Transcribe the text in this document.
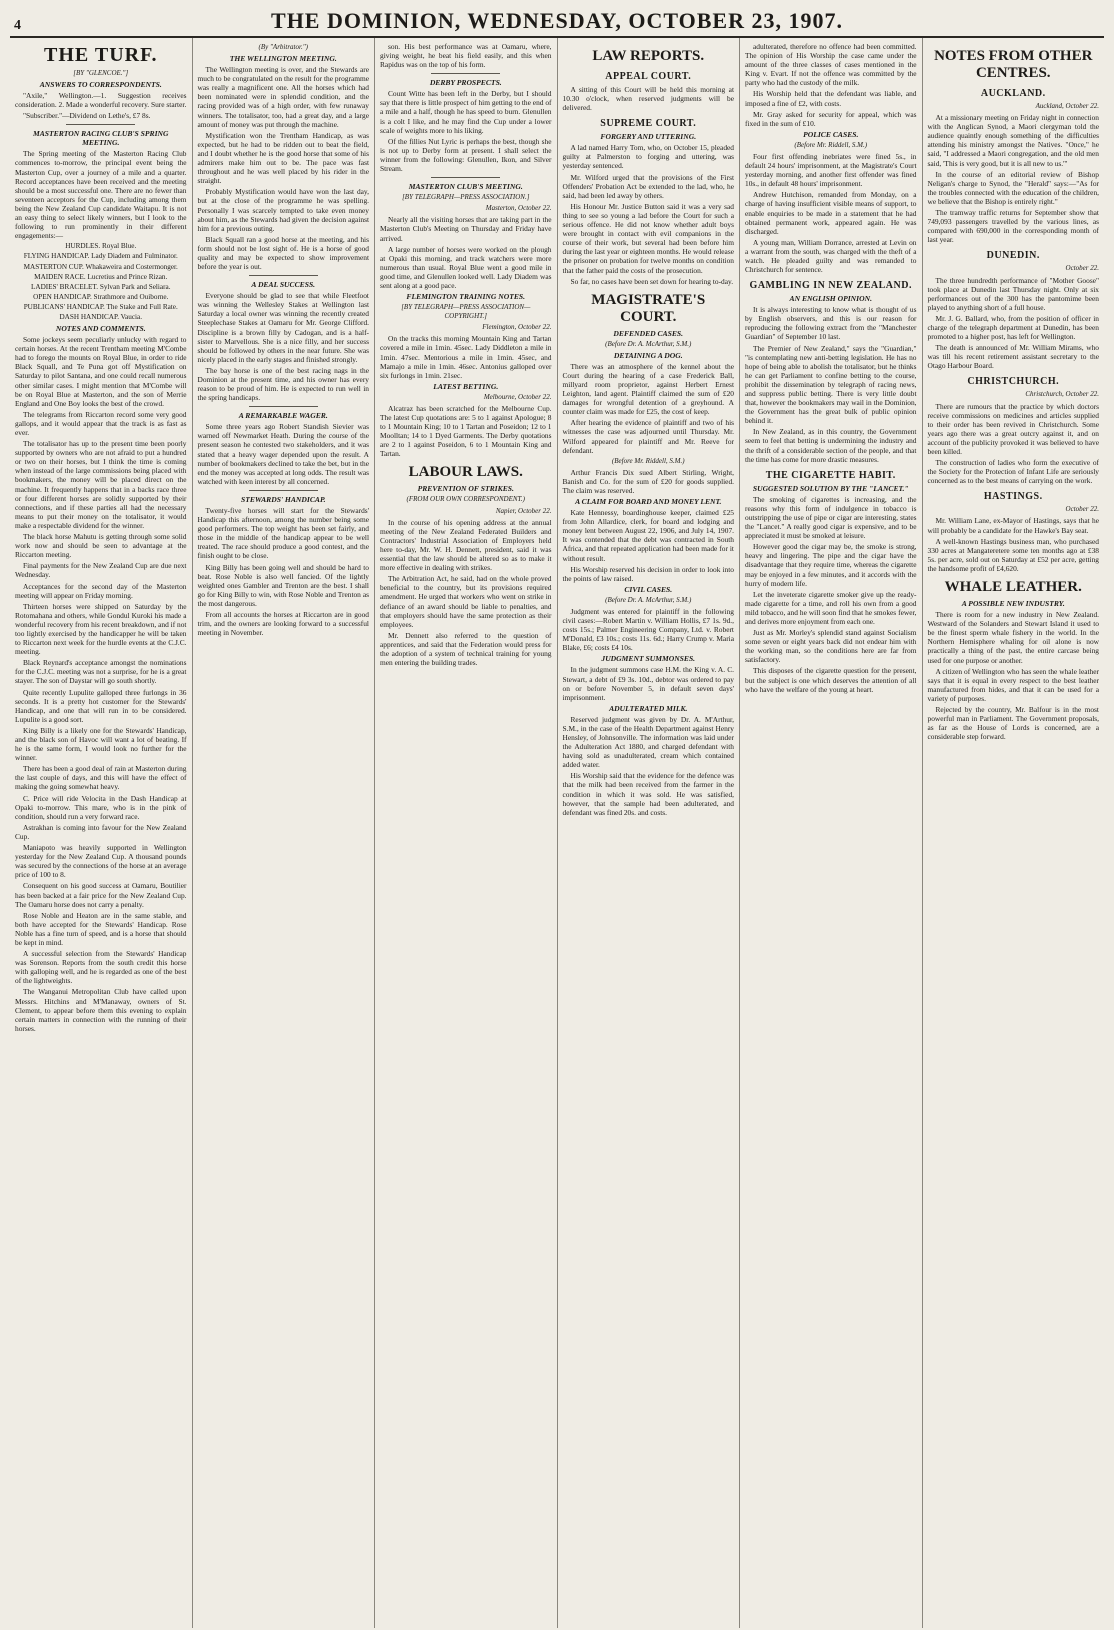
4	THE DOMINION, WEDNESDAY, OCTOBER 23, 1907.
THE TURF.
[BY "GLENCOE."]
ANSWERS TO CORRESPONDENTS.

"Axile," Wellington.—1. Suggestion receives consideration. 2. Made a wonderful recovery. Sure starter.

"Subscriber."—Dividend on Lethe's, £7 8s.

MASTERTON RACING CLUB'S SPRING MEETING.

The Spring meeting of the Masterton Racing Club commences to-morrow, the principal event being the Masterton Cup, over a journey of a mile and a quarter. Record acceptances have been received and the meeting should be a most successful one. There are no fewer than seventeen acceptors for the Cup, including among them being the New Zealand Cup candidate Waitapu. It is not an easy thing to select likely winners, but I look to the following to run prominently in their different engagements:—

HURDLES. Royal Blue.
FLYING HANDICAP. Lady Diadem and Fulminator.
MASTERTON CUP. Whakaweira and Costermonger.
MAIDEN RACE. Lucretius and Prince Rizan.
LADIES' BRACELET. Sylvan Park and Seliara.
OPEN HANDICAP. Strathmore and Ouiborne.
PUBLICANS' HANDICAP. The Stake and Full Rate.
DASH HANDICAP. Vaucia.
NOTES AND COMMENTS.

Some jockeys seem peculiarly unlucky with regard to certain horses. At the recent Trentham meeting M'Combe had to forego the mounts on Royal Blue, in order to ride Black Squall, and Te Puna got off Mystification on Saturday to pilot Santana, and one could recall numerous other similar cases. I might mention that M'Combe will be on Royal Blue at Masterton, and the son of Merrie England and One Boy looks the best of the crowd.

The telegrams from Riccarton record some very good gallops, and it would appear that the track is as fast as ever.

The totalisator has up to the present time been poorly supported by owners who are not afraid to put a hundred or two on their horses, but I think the time is coming when instead of the large commissions being placed with bookmakers, the money will be placed direct on the machine. It frequently happens that in a backs race three or four different horses are solidly supported by their connections, and if these parties all had the necessary means to put their money on the totalisator, it would make a respectable dividend for the winner.

The black horse Mahutu is getting through some solid work now and should be seen to advantage at the Riccarton meeting.

Final payments for the New Zealand Cup are due next Wednesday.

Acceptances for the second day of the Masterton meeting will appear on Friday morning.

Thirteen horses were shipped on Saturday by the Rotomahana and others, while Gondul Kuroki his made a wonderful recovery from his recent breakdown, and if not too lightly exercised by the handicapper he will be taken to Riccarton next week for the hurdle events at the C.J.C. meeting.

Black Reynard's acceptance amongst the nominations for the C.J.C. meeting was not a surprise, for he is a great stayer. The son of Daystar will go south shortly.

Quite recently Lupulite galloped three furlongs in 36 seconds. It is a pretty hot customer for the Stewards' Handicap, and one that will run in to be considered. Lupulite is a good sort.

King Billy is a likely one for the Stewards' Handicap, and the black son of Havoc will want a lot of beating. If he is the same form, I would look no further for the winner.

There has been a good deal of rain at Masterton during the last couple of days, and this will have the effect of making the going somewhat heavy.

C. Price will ride Velocita in the Dash Handicap at Opaki to-morrow. This mare, who is in the pink of condition, should run a very forward race.

Astrakhan is coming into favour for the New Zealand Cup.

Maniapoto was heavily supported in Wellington yesterday for the New Zealand Cup. A thousand pounds was secured by the connections of the horse at an average price of 100 to 8.

Consequent on his good success at Oamaru, Boutilier has been backed at a fair price for the New Zealand Cup. The Oamaru horse does not carry a penalty.

Rose Noble and Heaton are in the same stable, and both have accepted for the Stewards' Handicap. Rose Noble has a fine turn of speed, and is a horse that should be kept in mind.

A successful selection from the Stewards' Handicap was Sorenson. Reports from the south credit this horse with galloping well, and he is regarded as one of the best of the lightweights.

The Wanganui Metropolitan Club have called upon Messrs. Hitchins and M'Manaway, owners of St. Clement, to appear before them this evening to explain certain matters in connection with the running of their horses.

(By "Arbitrator.")
THE WELLINGTON MEETING.

The Wellington meeting is over, and the Stewards are much to be congratulated on the result for the programme was really a magnificent one. All the horses which had been nominated were in splendid condition, and the racing provided was of a high order, with few runaway winners. The totalisator, too, had a great day, and a large amount of money was put through the machine.

Mystification won the Trentham Handicap, as was expected, but he had to be ridden out to beat the field, and I doubt whether he is the good horse that some of his admirers make him out to be. The pace was fast throughout and he was well placed by his rider in the straight.

Probably Mystification would have won the last day, but at the close of the programme he was spelling. Personally I was scarcely tempted to take even money about him, as the Stewards had given the decision against him for a previous outing.

Black Squall ran a good horse at the meeting, and his form should not be lost sight of. He is a horse of good quality and may be expected to show improvement before the year is out.

A DEAL SUCCESS.

Everyone should be glad to see that while Fleetfoot was winning the Wellesley Stakes at Wellington last Saturday a local owner was winning the recently created Steeplechase Stakes at Oamaru for Mr. George Clifford. Discipline is a brown filly by Cadogan, and is a half-sister to Marvellous. She is a nice filly, and her success should be followed by others in the near future. She was nicely placed in the early stages and finished strongly.

The bay horse is one of the best racing nags in the Dominion at the present time, and his owner has every reason to be proud of him. He is expected to run well in the spring handicaps.

A REMARKABLE WAGER.

Some three years ago Robert Standish Sievier was warned off Newmarket Heath. During the course of the present season he contested two stakeholders, and it was stated that a heavy wager depended upon the result. A number of bookmakers declined to take the bet, but in the end the money was accepted at long odds. The result was watched with keen interest by all concerned.

STEWARDS' HANDICAP.

Twenty-five horses will start for the Stewards' Handicap this afternoon, among the number being some good performers. The top weight has been set fairly, and those in the middle of the handicap appear to be well treated. The race should produce a good contest, and the finish ought to be close.

King Billy has been going well and should be hard to beat. Rose Noble is also well fancied. Of the lightly weighted ones Gambler and Trenton are the best. I shall go for King Billy to win, with Rose Noble and Trenton as the most dangerous.

From all accounts the horses at Riccarton are in good trim, and the owners are looking forward to a successful meeting in November.

son. His best performance was at Oamaru, where, giving weight, he beat his field easily, and this when Rapidus was on the top of his form.

DERBY PROSPECTS.

Count Witte has been left in the Derby, but I should say that there is little prospect of him getting to the end of a mile and a half, though he has speed to burn. Glenullen is a colt I like, and he may find the Cup under a lower scale of weights more to his liking.

Of the fillies Nut Lyric is perhaps the best, though she is not up to Derby form at present. I shall select the winner from the following: Glenullen, Ikon, and Silver Stream.

MASTERTON CLUB'S MEETING.
[BY TELEGRAPH—PRESS ASSOCIATION.]
Masterton, October 22.

Nearly all the visiting horses that are taking part in the Masterton Club's Meeting on Thursday and Friday have arrived.

A large number of horses were worked on the plough at Opaki this morning, and track watchers were more numerous than usual. Royal Blue went a good mile in good time, and Glenullen looked well. Lady Diadem was sent along at a good pace.

FLEMINGTON TRAINING NOTES.
[BY TELEGRAPH—PRESS ASSOCIATION—COPYRIGHT.]
Flemington, October 22.

On the tracks this morning Mountain King and Tartan covered a mile in 1min. 45sec. Lady Diddleton a mile in 1min. 47sec. Mentorious a mile in 1min. 45sec, and Mamajo a mile in 1min. 46sec. Antonius galloped over six furlongs in 1min. 21sec.

LATEST BETTING.
Melbourne, October 22.

Alcatraz has been scratched for the Melbourne Cup. The latest Cup quotations are: 5 to 1 against Apologue; 8 to 1 Mountain King; 10 to 1 Tartan and Poseidon; 12 to 1 Moolltan; 14 to 1 Dyed Garments. The Derby quotations are 2 to 1 against Poseidon, 6 to 1 Mountain King and Tartan.

LABOUR LAWS.
PREVENTION OF STRIKES.
(FROM OUR OWN CORRESPONDENT.)
Napier, October 22.

In the course of his opening address at the annual meeting of the New Zealand Federated Builders and Contractors' Industrial Association of Employers held here to-day, Mr. W. H. Dennett, president, said it was essential that the law should be altered so as to make it more effective in dealing with strikes.

The Arbitration Act, he said, had on the whole proved beneficial to the country, but its provisions required amendment. He urged that workers who went on strike in defiance of an award should be liable to penalties, and that employers should have the same protection as their employees.

Mr. Dennett also referred to the question of apprentices, and said that the Federation would press for the adoption of a system of technical training for young men entering the building trades.

LAW REPORTS.
APPEAL COURT.

A sitting of this Court will be held this morning at 10.30 o'clock, when reserved judgments will be delivered.

SUPREME COURT.
FORGERY AND UTTERING.

A lad named Harry Tom, who, on October 15, pleaded guilty at Palmerston to forging and uttering, was yesterday sentenced.

Mr. Wilford urged that the provisions of the First Offenders' Probation Act be extended to the lad, who, he said, had been led away by others.

His Honour Mr. Justice Button said it was a very sad thing to see so young a lad before the Court for such a serious offence. He did not know whether adult boys were brought in contact with evil companions in the course of their work, but several had been before him during the last year or eighteen months. He would release the prisoner on probation for twelve months on condition that the father paid the costs of the prosecution.

So far, no cases have been set down for hearing to-day.

MAGISTRATE'S COURT.
DEFENDED CASES.
(Before Dr. A. McArthur, S.M.)
DETAINING A DOG.

There was an atmosphere of the kennel about the Court during the hearing of a case Frederick Ball, millyard room proprietor, against Herbert Ernest Leighton, land agent. Plaintiff claimed the sum of £20 damages for wrongful detention of a greyhound. A counter claim was made for £25, the cost of keep.

After hearing the evidence of plaintiff and two of his witnesses the case was adjourned until Thursday. Mr. Wilford appeared for plaintiff and Mr. Reeve for defendant.

(Before Mr. Riddell, S.M.)

Arthur Francis Dix sued Albert Stirling, Wright, Banish and Co. for the sum of £20 for goods supplied. The claim was reserved.

A CLAIM FOR BOARD AND MONEY LENT.

Kate Hennessy, boardinghouse keeper, claimed £25 from John Allardice, clerk, for board and lodging and money lent between August 22, 1906, and July 14, 1907. It was contended that the debt was contracted in South Africa, and that repeated application had been made for it without result.

His Worship reserved his decision in order to look into the points of law raised.

CIVIL CASES.
(Before Dr. A. McArthur, S.M.)

Judgment was entered for plaintiff in the following civil cases:—Robert Martin v. William Hollis, £7 1s. 9d., costs 15s.; Palmer Engineering Company, Ltd. v. Robert M'Donald, £3 10s.; costs 11s. 6d.; Harry Crump v. Maria Blake, £6; costs £4 10s.

JUDGMENT SUMMONSES.

In the judgment summons case H.M. the King v. A. C. Stewart, a debt of £9 3s. 10d., debtor was ordered to pay on or before November 5, in default seven days' imprisonment.

ADULTERATED MILK.

Reserved judgment was given by Dr. A. M'Arthur, S.M., in the case of the Health Department against Henry Hensley, of Johnsonville. The information was laid under the Adulteration Act 1880, and charged defendant with having sold as unadulterated, cream which contained added water.

His Worship said that the evidence for the defence was that the milk had been received from the farmer in the condition in which it was sold. He was satisfied, however, that the sample had been adulterated, and defendant was fined 20s. and costs.

adulterated, therefore no offence had been committed. The opinion of His Worship the case came under the amount of the three classes of cases mentioned in the King v. Evart. If not the offence was committed by the party who had the custody of the milk.

His Worship held that the defendant was liable, and imposed a fine of £2, with costs.

Mr. Gray asked for security for appeal, which was fixed in the sum of £10.

POLICE CASES.
(Before Mr. Riddell, S.M.)

Four first offending inebriates were fined 5s., in default 24 hours' imprisonment, at the Magistrate's Court yesterday morning, and another first offender was fined 10s., in default 48 hours' imprisonment.

Andrew Hutchison, remanded from Monday, on a charge of having insufficient visible means of support, to enable enquiries to be made in a statement that he had obtained permanent work, appeared again. He was discharged.

A young man, William Dorrance, arrested at Levin on a warrant from the south, was charged with the theft of a watch. He pleaded guilty and was remanded to Christchurch for sentence.

GAMBLING IN NEW ZEALAND.
AN ENGLISH OPINION.

It is always interesting to know what is thought of us by English observers, and this is our reason for reproducing the following extract from the "Manchester Guardian" of September 10 last.

The Premier of New Zealand," says the "Guardian," "is contemplating new anti-betting legislation. He has no hope of being able to abolish the totalisator, but he thinks he can get Parliament to confine betting to the course, prohibit the dissemination by telegraph of racing news, and suppress public betting. There is very little doubt that, however the bookmakers may wail in the Dominion, the Government has the great bulk of public opinion behind it.

In New Zealand, as in this country, the Government seem to feel that betting is undermining the industry and the thrift of a considerable section of the people, and that the time has come for more drastic measures.

THE CIGARETTE HABIT.
SUGGESTED SOLUTION BY THE "LANCET."

The smoking of cigarettes is increasing, and the reasons why this form of indulgence in tobacco is outstripping the use of pipe or cigar are interesting, states the "Lancet." A really good cigar is expensive, and to be appreciated it must be smoked at leisure.

However good the cigar may be, the smoke is strong, heavy and lingering. The pipe and the cigar have the disadvantage that they require time, whereas the cigarette may be enjoyed in a few minutes, and it accords with the hurry of modern life.

Let the inveterate cigarette smoker give up the ready-made cigarette for a time, and roll his own from a good mild tobacco, and he will soon find that he smokes fewer, and derives more enjoyment from each one.

Just as Mr. Morley's splendid stand against Socialism some seven or eight years back did not endear him with the working man, so the conditions here are far from satisfactory.

This disposes of the cigarette question for the present, but the subject is one which deserves the attention of all who have the welfare of the young at heart.

NOTES FROM OTHER CENTRES.
AUCKLAND.
Auckland, October 22.

At a missionary meeting on Friday night in connection with the Anglican Synod, a Maori clergyman told the audience quaintly enough something of the difficulties attending his ministry amongst the Natives. "Once," he said, "I addressed a Maori congregation, and the old men said, 'This is very good, but it is all new to us.'"

In the course of an editorial review of Bishop Neligan's charge to Synod, the "Herald" says:—"As for the troubles connected with the education of the children, we believe that the Bishop is entirely right."

The tramway traffic returns for September show that 749,093 passengers travelled by the various lines, as compared with 690,000 in the corresponding month of last year.

DUNEDIN.
October 22.

The three hundredth performance of "Mother Goose" took place at Dunedin last Thursday night. Only at six performances out of the 300 has the pantomime been played to anything short of a full house.

Mr. J. G. Ballard, who, from the position of officer in charge of the telegraph department at Dunedin, has been promoted to a higher post, has left for Wellington.

The death is announced of Mr. William Mirams, who was till his recent retirement assistant secretary to the Otago Harbour Board.

CHRISTCHURCH.
Christchurch, October 22.

There are rumours that the practice by which doctors receive commissions on medicines and articles supplied to their order has been revived in Christchurch. Some years ago there was a great outcry against it, and on account of the publicity provoked it was believed to have been killed.

The construction of ladies who form the executive of the Society for the Protection of Infant Life are seriously concerned as to the best means of carrying on the work.

HASTINGS.
October 22.

Mr. William Lane, ex-Mayor of Hastings, says that he will probably be a candidate for the Hawke's Bay seat.

A well-known Hastings business man, who purchased 330 acres at Mangateretere some ten months ago at £38 5s. per acre, sold out on Saturday at £52 per acre, getting the handsome profit of £4,620.

WHALE LEATHER.
A POSSIBLE NEW INDUSTRY.

There is room for a new industry in New Zealand. Westward of the Solanders and Stewart Island it used to be the finest sperm whale fishery in the world. In the Northern Hemisphere whaling for oil alone is now practically a thing of the past, the entire carcase being used for one purpose or another.

A citizen of Wellington who has seen the whale leather says that it is equal in every respect to the best leather manufactured from hides, and that it can be used for a variety of purposes.

Rejected by the country, Mr. Balfour is in the most powerful man in Parliament. The Government proposals, as far as the House of Lords is concerned, are a considerable step forward.
